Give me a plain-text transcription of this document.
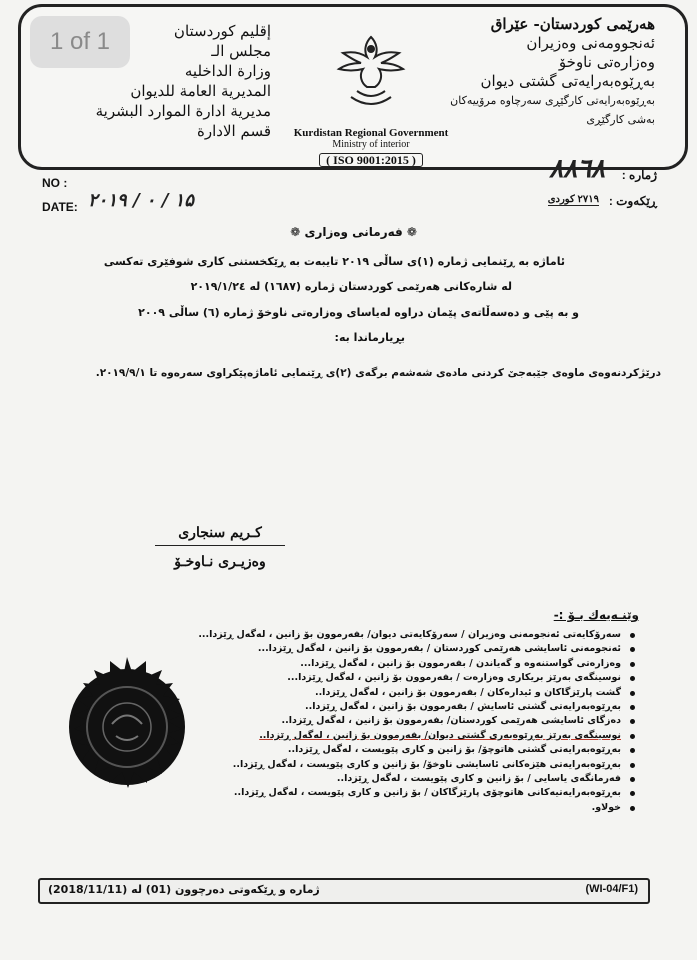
هەرێمی کوردستان- عێراق
ئەنجوومەنی وەزیران
وەزارەتی ناوخۆ
بەڕێوەبەرایەتی گشتی دیوان
بەڕێوەبەرایەتی کارگێڕی سەرچاوە مرۆییەکان
بەشی کارگێڕی
إقليم كوردستان
مجلس الـ
وزارة الداخليه
المديرية العامة للديوان
مديرية ادارة الموارد البشرية
قسم الادارة	Kurdistan Regional Government
Ministry of interior
( ISO 9001:2015 )
1 of 1
NO :
DATE: ۲۰۱۹ / ۰ / ۱۵
ژمارە :
٨٨٦٨
ڕێکەوت :
۲۷۱۹ کوردی
❁ فەرمانی وەزاری ❁
ئاماژە بە ڕێنمایی ژمارە (۱)ی ساڵی ۲۰۱۹ تایبەت بە ڕێکخستنی کاری شوفێری تەکسی
لە شارەکانی هەرێمی کوردستان ژمارە (۱٦٨٧) لە ۲۰۱۹/۱/۲٤
و بە پێی و دەسەڵاتەی پێمان دراوە لەیاسای وەزارەتی ناوخۆ ژمارە (٦) ساڵی ۲۰۰۹
بڕیارماندا بە:
درێژکردنەوەی ماوەی جێبەجێ کردنی مادەی شەشەم برگەی (۲)ی ڕێنمایی ئاماژەپێکراوی سەرەوە تا ۲۰۱۹/۹/۱.
کـریم سنجاری
وەزیـری نـاوخـۆ
وێنـەیەك بـۆ :-
سەرۆکایەتی ئەنجومەنی وەزیران / سەرۆکایەتی دیوان/ بفەرموون بۆ زانین ، لەگەل ڕێزدا...
ئەنجومەنی ئاسایشی هەرێمی کوردستان / بفەرموون بۆ زانین ، لەگەل ڕێزدا...
وەزارەتی گواستنەوە و گەیاندن / بفەرموون بۆ زانین ، لەگەل ڕێزدا...
نوسینگەی بەرێز بریکاری وەزارەت / بفەرموون بۆ زانین ، لەگەل ڕێزدا...
گشت پارێزگاکان و ئیدارەکان / بفەرموون بۆ زانین ، لەگەل ڕێزدا..
بەڕێوەبەرایەتی گشتی ئاسایش / بفەرموون بۆ زانین ، لەگەل ڕێزدا..
دەزگای ئاسایشی هەرێمی کوردستان/ بفەرموون بۆ زانین ، لەگەل ڕێزدا..
نوسینگەی بەرێز بەڕێوەبەری گشتی دیوان/ بفەرموون بۆ زانین ، لەگەل ڕێزدا..
بەڕێوەبەرایەتی گشتی هاتوچۆ/ بۆ زانین و کاری پێویست ، لەگەل ڕێزدا..
بەڕێوەبەرایەتی هێزەکانی ئاسایشی ناوخۆ/ بۆ زانین و کاری پێویست ، لەگەل ڕێزدا..
فەرمانگەی یاسایی / بۆ زانین و کاری پێویست ، لەگەل ڕێزدا..
بەڕێوەبەرایەتیەکانی هاتوچۆی پارێزگاکان / بۆ زانین و کاری پێویست ، لەگەل ڕێزدا..
خولاو.
ژمارە و ڕێکەوتی دەرچوون (01) لە (2018/11/11)	(WI-04/F1)
